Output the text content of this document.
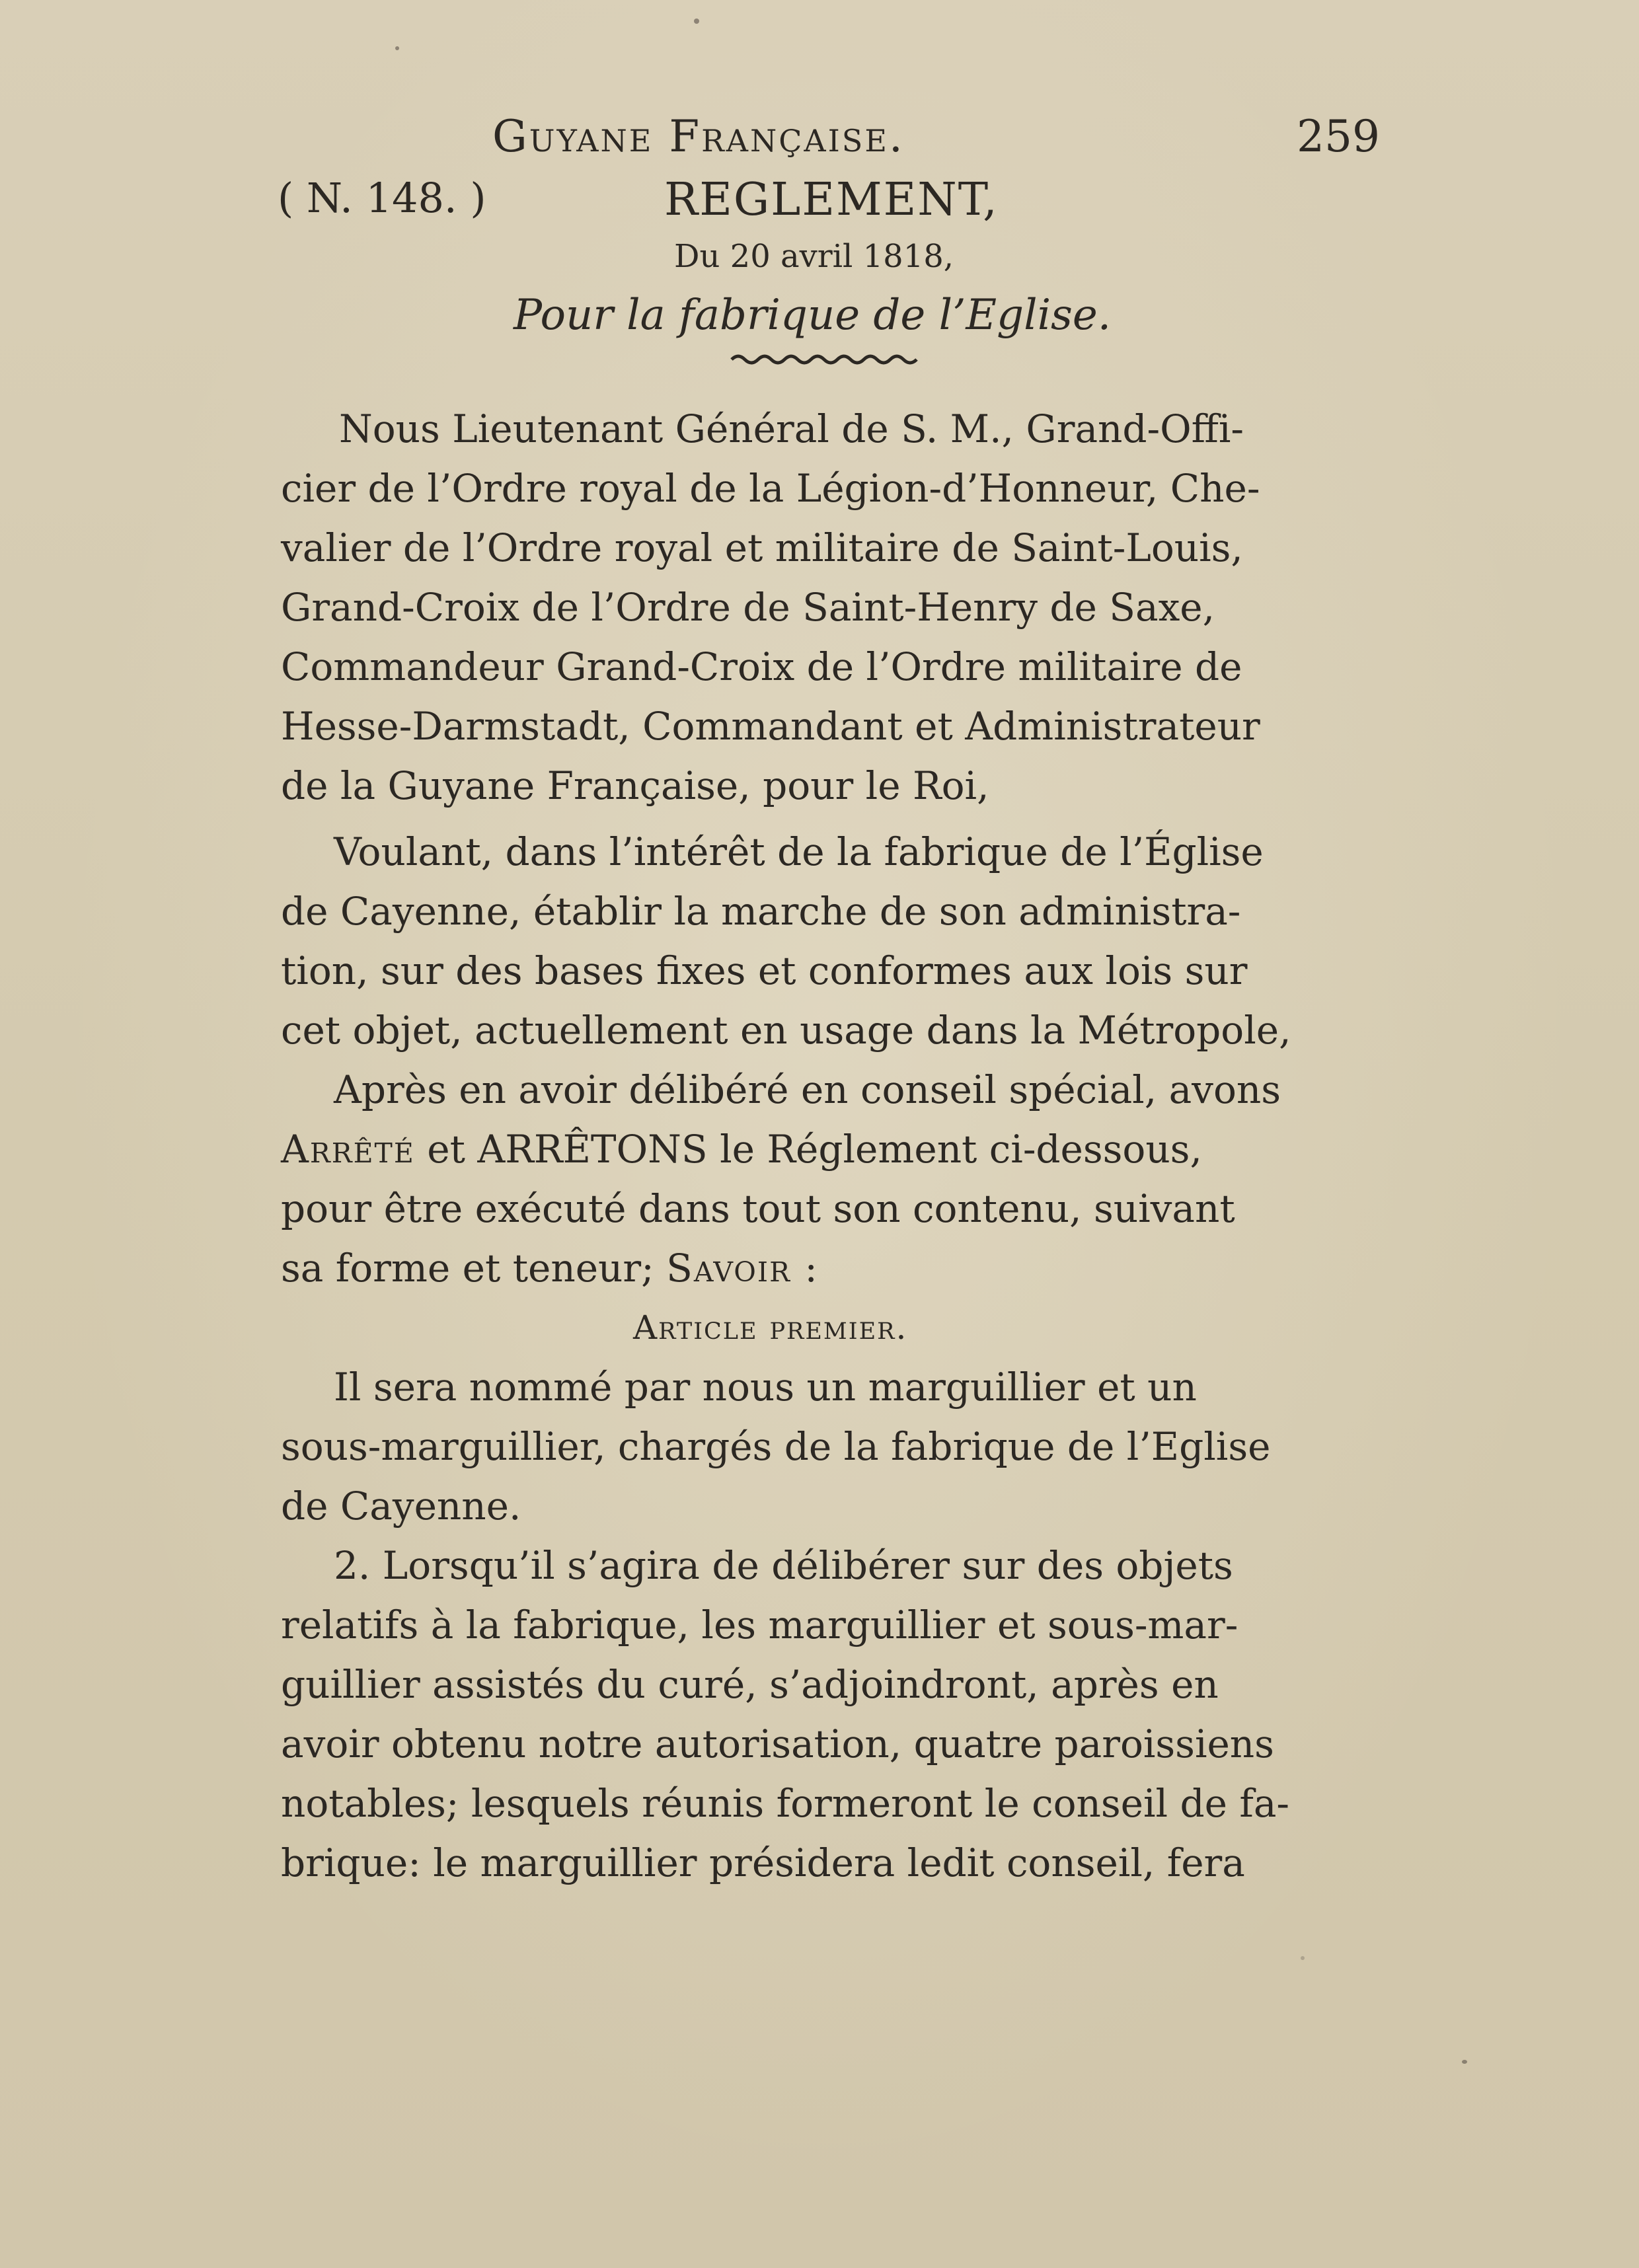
Guyane Française.	259
( N. 148. )	REGLEMENT,
Du 20 avril 1818,
Pour la fabrique de l’Eglise.
Nous Lieutenant Général de S. M., Grand-Offi-
cier de l’Ordre royal de la Légion-d’Honneur, Che-
valier de l’Ordre royal et militaire de Saint-Louis,
Grand-Croix de l’Ordre de Saint-Henry de Saxe,
Commandeur Grand-Croix de l’Ordre militaire de
Hesse-Darmstadt, Commandant et Administrateur
de la Guyane Française, pour le Roi,
Voulant, dans l’intérêt de la fabrique de l’Église
de Cayenne, établir la marche de son administra-
tion, sur des bases fixes et conformes aux lois sur
cet objet, actuellement en usage dans la Métropole,
Après en avoir délibéré en conseil spécial, avons
Arrêté et ARRÊTONS le Réglement ci-dessous,
pour être exécuté dans tout son contenu, suivant
sa forme et teneur; Savoir :
Article premier.
Il sera nommé par nous un marguillier et un
sous-marguillier, chargés de la fabrique de l’Eglise
de Cayenne.
2. Lorsqu’il s’agira de délibérer sur des objets
relatifs à la fabrique, les marguillier et sous-mar-
guillier assistés du curé, s’adjoindront, après en
avoir obtenu notre autorisation, quatre paroissiens
notables; lesquels réunis formeront le conseil de fa-
brique: le marguillier présidera ledit conseil, fera
